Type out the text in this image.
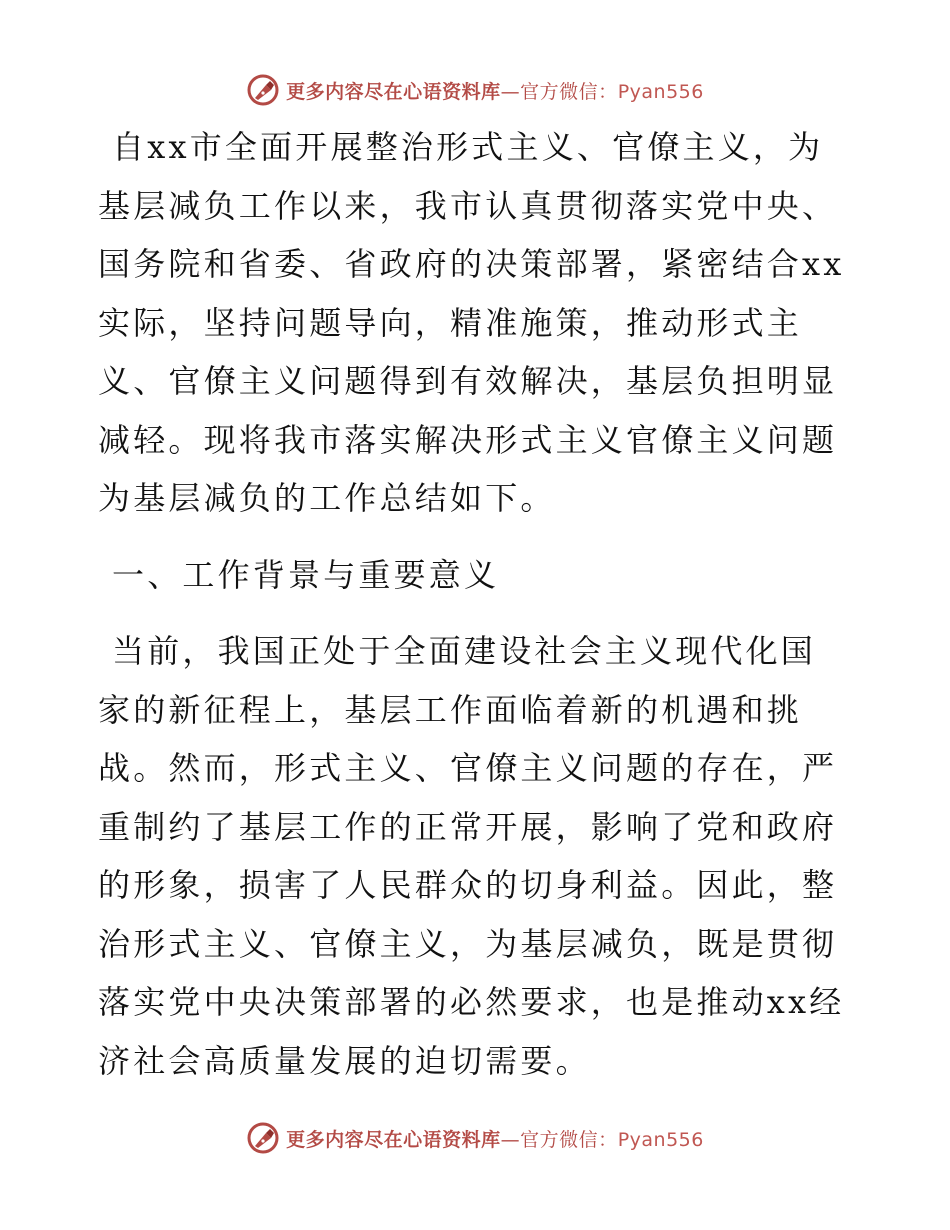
更多内容尽在心语资料库—官方微信：Pyan556

自xx市全面开展整治形式主义、官僚主义，为基层减负工作以来，我市认真贯彻落实党中央、国务院和省委、省政府的决策部署，紧密结合xx实际，坚持问题导向，精准施策，推动形式主义、官僚主义问题得到有效解决，基层负担明显减轻。现将我市落实解决形式主义官僚主义问题为基层减负的工作总结如下。

一、工作背景与重要意义

当前，我国正处于全面建设社会主义现代化国家的新征程上，基层工作面临着新的机遇和挑战。然而，形式主义、官僚主义问题的存在，严重制约了基层工作的正常开展，影响了党和政府的形象，损害了人民群众的切身利益。因此，整治形式主义、官僚主义，为基层减负，既是贯彻落实党中央决策部署的必然要求，也是推动xx经济社会高质量发展的迫切需要。

更多内容尽在心语资料库—官方微信：Pyan556
